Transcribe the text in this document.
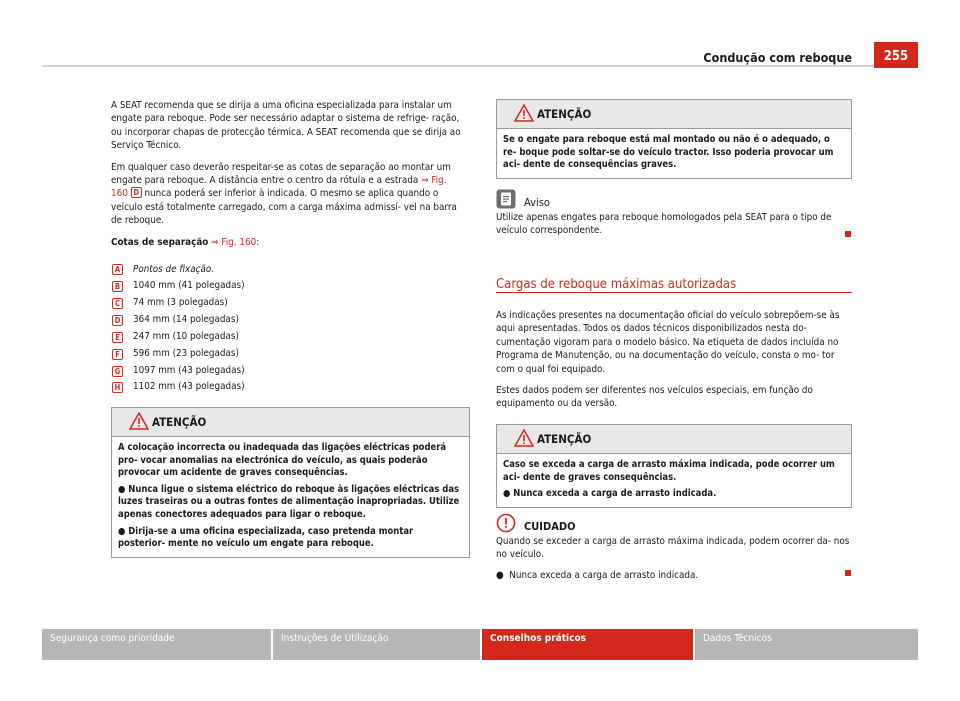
Condução com reboque	255

A SEAT recomenda que se dirija a uma oficina especializada para instalar um engate para reboque. Pode ser necessário adaptar o sistema de refrige- ração, ou incorporar chapas de protecção térmica. A SEAT recomenda que se dirija ao Serviço Técnico.

Em qualquer caso deverão respeitar-se as cotas de separação ao montar um engate para reboque. A distância entre o centro da rótula e a estrada ⇒ Fig. 160 D nunca poderá ser inferior à indicada. O mesmo se aplica quando o veículo está totalmente carregado, com a carga máxima admissí- vel na barra de reboque.

Cotas de separação ⇒ Fig. 160:

A Pontos de fixação.
B 1040 mm (41 polegadas)
C	74 mm (3 polegadas)
D 364 mm (14 polegadas)
E	247 mm (10 polegadas)
F	596 mm (23 polegadas)
G 1097 mm (43 polegadas)
H 1102 mm (43 polegadas)
ATENÇÃO

A colocação incorrecta ou inadequada das ligações eléctricas poderá pro- vocar anomalias na electrónica do veículo, as quais poderão provocar um acidente de graves consequências.

● Nunca ligue o sistema eléctrico do reboque às ligações eléctricas das luzes traseiras ou a outras fontes de alimentação inapropriadas. Utilize apenas conectores adequados para ligar o reboque.

● Dirija-se a uma oficina especializada, caso pretenda montar posterior- mente no veículo um engate para reboque.

ATENÇÃO

Se o engate para reboque está mal montado ou não é o adequado, o re- boque pode soltar-se do veículo tractor. Isso poderia provocar um aci- dente de consequências graves.

Aviso
Utilize apenas engates para reboque homologados pela SEAT para o tipo de veículo correspondente.
Cargas de reboque máximas autorizadas

As indicações presentes na documentação oficial do veículo sobrepõem-se às aqui apresentadas. Todos os dados técnicos disponibilizados nesta do- cumentação vigoram para o modelo básico. Na etiqueta de dados incluída no Programa de Manutenção, ou na documentação do veículo, consta o mo- tor com o qual foi equipado.

Estes dados podem ser diferentes nos veículos especiais, em função do equipamento ou da versão.

ATENÇÃO

Caso se exceda a carga de arrasto máxima indicada, pode ocorrer um aci- dente de graves consequências.

● Nunca exceda a carga de arrasto indicada.

CUIDADO
Quando se exceder a carga de arrasto máxima indicada, podem ocorrer da- nos no veículo.
●  Nunca exceda a carga de arrasto indicada.
Segurança como prioridade	Instruções de Utilização	Conselhos práticos	Dados Técnicos
